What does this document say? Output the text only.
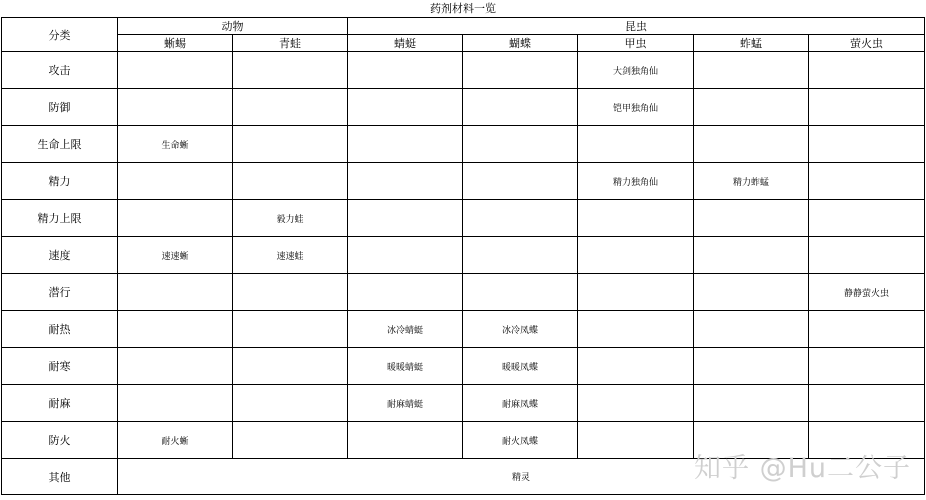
药剂材料一览
分类	动物		昆虫				
	蜥蜴	青蛙	蜻蜓	蝴蝶	甲虫	蚱蜢	萤火虫
攻击					大剑独角仙		
防御					铠甲独角仙		
生命上限	生命蜥						
精力					精力独角仙	精力蚱蜢	
精力上限		毅力蛙					
速度	速速蜥	速速蛙					
潜行							静静萤火虫
耐热			冰冷蜻蜓	冰冷凤蝶			
耐寒			暖暖蜻蜓	暖暖凤蝶			
耐麻			耐麻蜻蜓	耐麻凤蝶			
防火	耐火蜥			耐火凤蝶			
其他	精灵							知乎 @Hu二公子
